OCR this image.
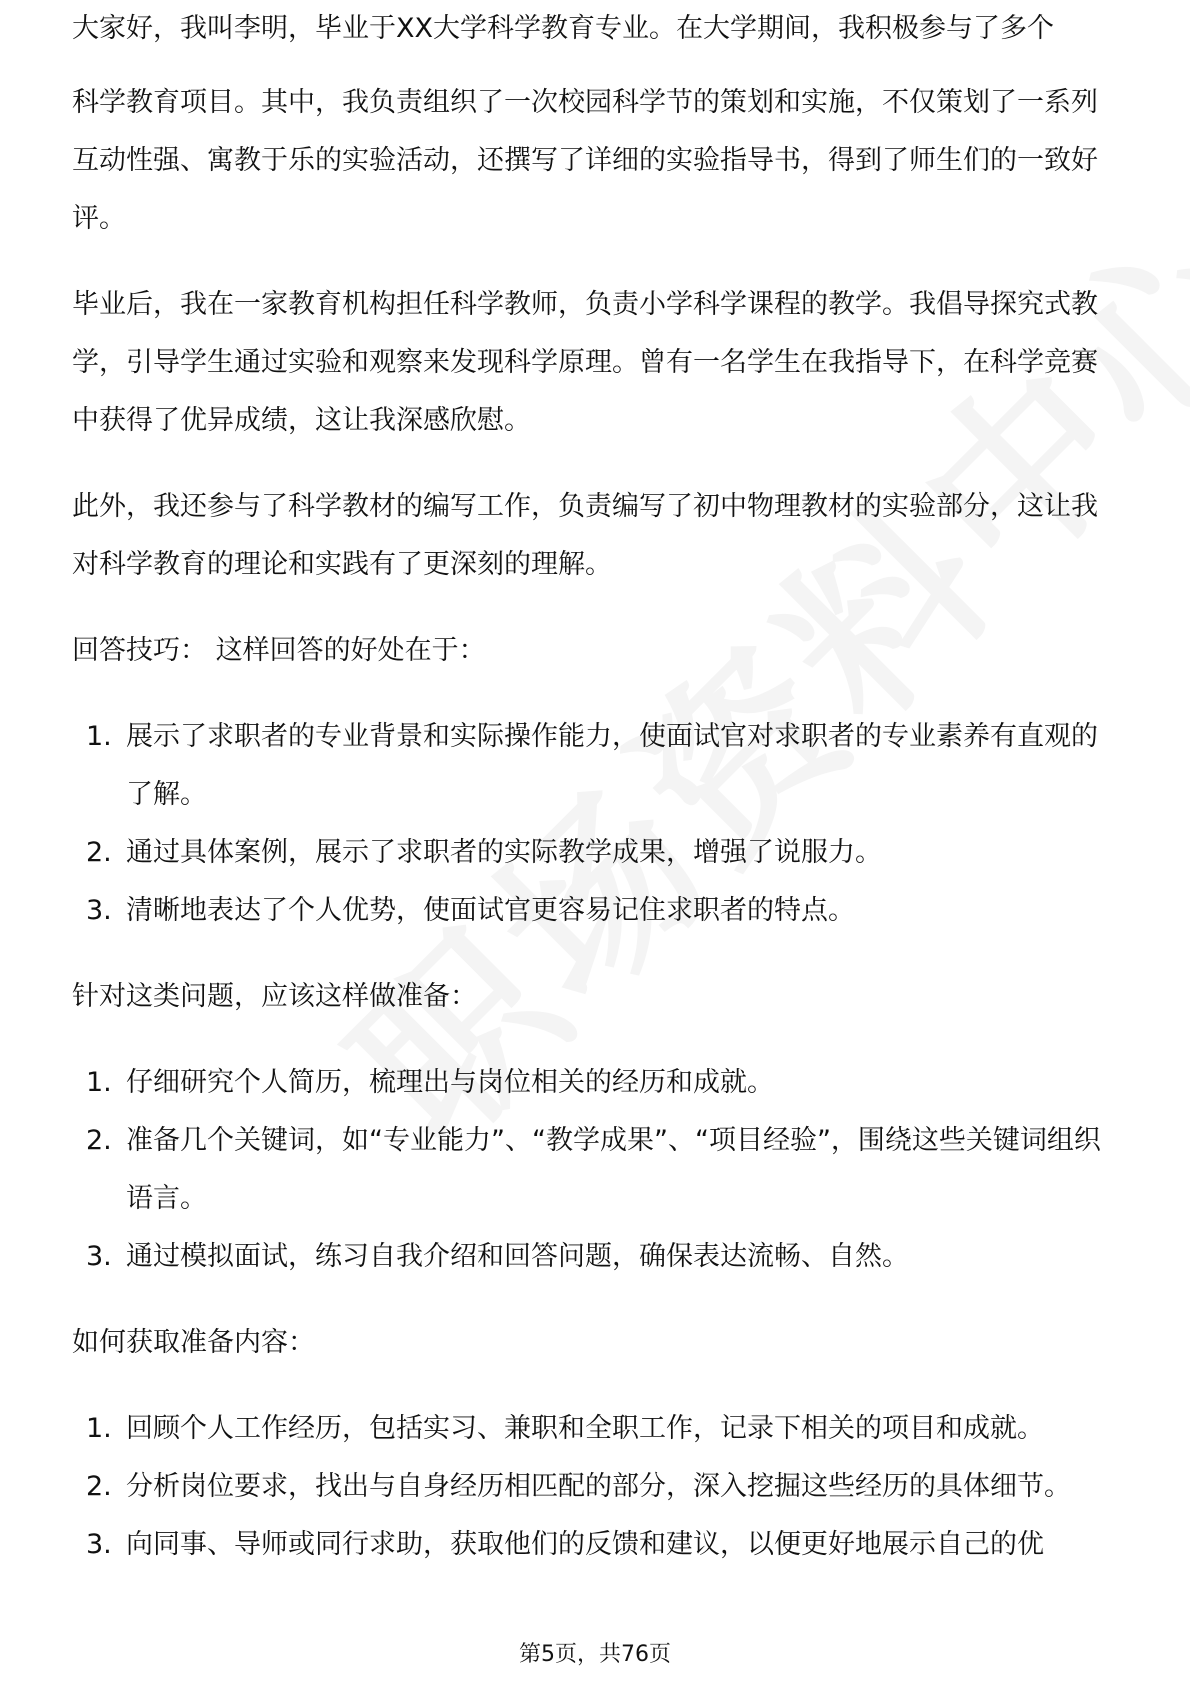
大家好，我叫李明，毕业于XX大学科学教育专业。在大学期间，我积极参与了多个

科学教育项目。其中，我负责组织了一次校园科学节的策划和实施，不仅策划了一系列互动性强、寓教于乐的实验活动，还撰写了详细的实验指导书，得到了师生们的一致好评。

毕业后，我在一家教育机构担任科学教师，负责小学科学课程的教学。我倡导探究式教学，引导学生通过实验和观察来发现科学原理。曾有一名学生在我指导下，在科学竞赛中获得了优异成绩，这让我深感欣慰。

此外，我还参与了科学教材的编写工作，负责编写了初中物理教材的实验部分，这让我对科学教育的理论和实践有了更深刻的理解。

回答技巧： 这样回答的好处在于：

1. 展示了求职者的专业背景和实际操作能力，使面试官对求职者的专业素养有直观的了解。
2. 通过具体案例，展示了求职者的实际教学成果，增强了说服力。
3. 清晰地表达了个人优势，使面试官更容易记住求职者的特点。

针对这类问题，应该这样做准备：

1. 仔细研究个人简历，梳理出与岗位相关的经历和成就。
2. 准备几个关键词，如“专业能力”、“教学成果”、“项目经验”，围绕这些关键词组织语言。
3. 通过模拟面试，练习自我介绍和回答问题，确保表达流畅、自然。

如何获取准备内容：

1. 回顾个人工作经历，包括实习、兼职和全职工作，记录下相关的项目和成就。
2. 分析岗位要求，找出与自身经历相匹配的部分，深入挖掘这些经历的具体细节。
3. 向同事、导师或同行求助，获取他们的反馈和建议，以便更好地展示自己的优
第5页，共76页
